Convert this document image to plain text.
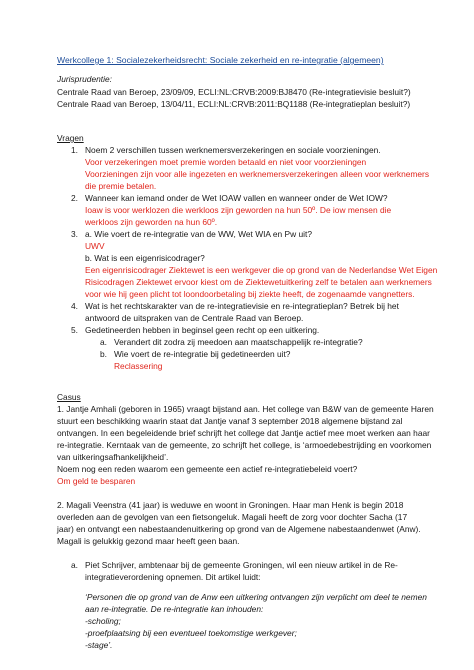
Werkcollege 1: Socialezekerheidsrecht: Sociale zekerheid en re-integratie (algemeen)
Jurisprudentie:
Centrale Raad van Beroep, 23/09/09, ECLI:NL:CRVB:2009:BJ8470 (Re-integratievisie besluit?)
Centrale Raad van Beroep, 13/04/11, ECLI:NL:CRVB:2011:BQ1188 (Re-integratieplan besluit?)
Vragen
1. Noem 2 verschillen tussen werknemersverzekeringen en sociale voorzieningen.
Voor verzekeringen moet premie worden betaald en niet voor voorzieningen
Voorzieningen zijn voor alle ingezeten en werknemersverzekeringen alleen voor werknemers
die premie betalen.
2. Wanneer kan iemand onder de Wet IOAW vallen en wanneer onder de Wet IOW?
Ioaw is voor werklozen die werkloos zijn geworden na hun 50º. De iow mensen die
werkloos zijn geworden na hun 60º.
3. a. Wie voert de re-integratie van de WW, Wet WIA en Pw uit?
UWV
b. Wat is een eigenrisicodrager?
Een eigenrisicodrager Ziektewet is een werkgever die op grond van de Nederlandse Wet Eigen
Risicodragen Ziektewet ervoor kiest om de Ziektewetuitkering zelf te betalen aan werknemers
voor wie hij geen plicht tot loondoorbetaling bij ziekte heeft, de zogenaamde vangnetters.
4. Wat is het rechtskarakter van de re-integratievisie en re-integratieplan? Betrek bij het
antwoord de uitspraken van de Centrale Raad van Beroep.
5. Gedetineerden hebben in beginsel geen recht op een uitkering.
a. Verandert dit zodra zij meedoen aan maatschappelijk re-integratie?
b. Wie voert de re-integratie bij gedetineerden uit?
Reclassering
Casus
1. Jantje Amhali (geboren in 1965) vraagt bijstand aan. Het college van B&W van de gemeente Haren
stuurt een beschikking waarin staat dat Jantje vanaf 3 september 2018 algemene bijstand zal
ontvangen. In een begeleidende brief schrijft het college dat Jantje actief mee moet werken aan haar
re-integratie. Kerntaak van de gemeente, zo schrijft het college, is ‘armoedebestrijding en voorkomen
van uitkeringsafhankelijkheid’.
Noem nog een reden waarom een gemeente een actief re-integratiebeleid voert?
Om geld te besparen
2. Magali Veenstra (41 jaar) is weduwe en woont in Groningen. Haar man Henk is begin 2018
overleden aan de gevolgen van een fietsongeluk. Magali heeft de zorg voor dochter Sacha (17
jaar) en ontvangt een nabestaandenuitkering op grond van de Algemene nabestaandenwet (Anw).
Magali is gelukkig gezond maar heeft geen baan.
a. Piet Schrijver, ambtenaar bij de gemeente Groningen, wil een nieuw artikel in de Re-
integratieverordening opnemen. Dit artikel luidt:
‘Personen die op grond van de Anw een uitkering ontvangen zijn verplicht om deel te nemen
aan re-integratie. De re-integratie kan inhouden:
-scholing;
-proefplaatsing bij een eventueel toekomstige werkgever;
-stage’.
